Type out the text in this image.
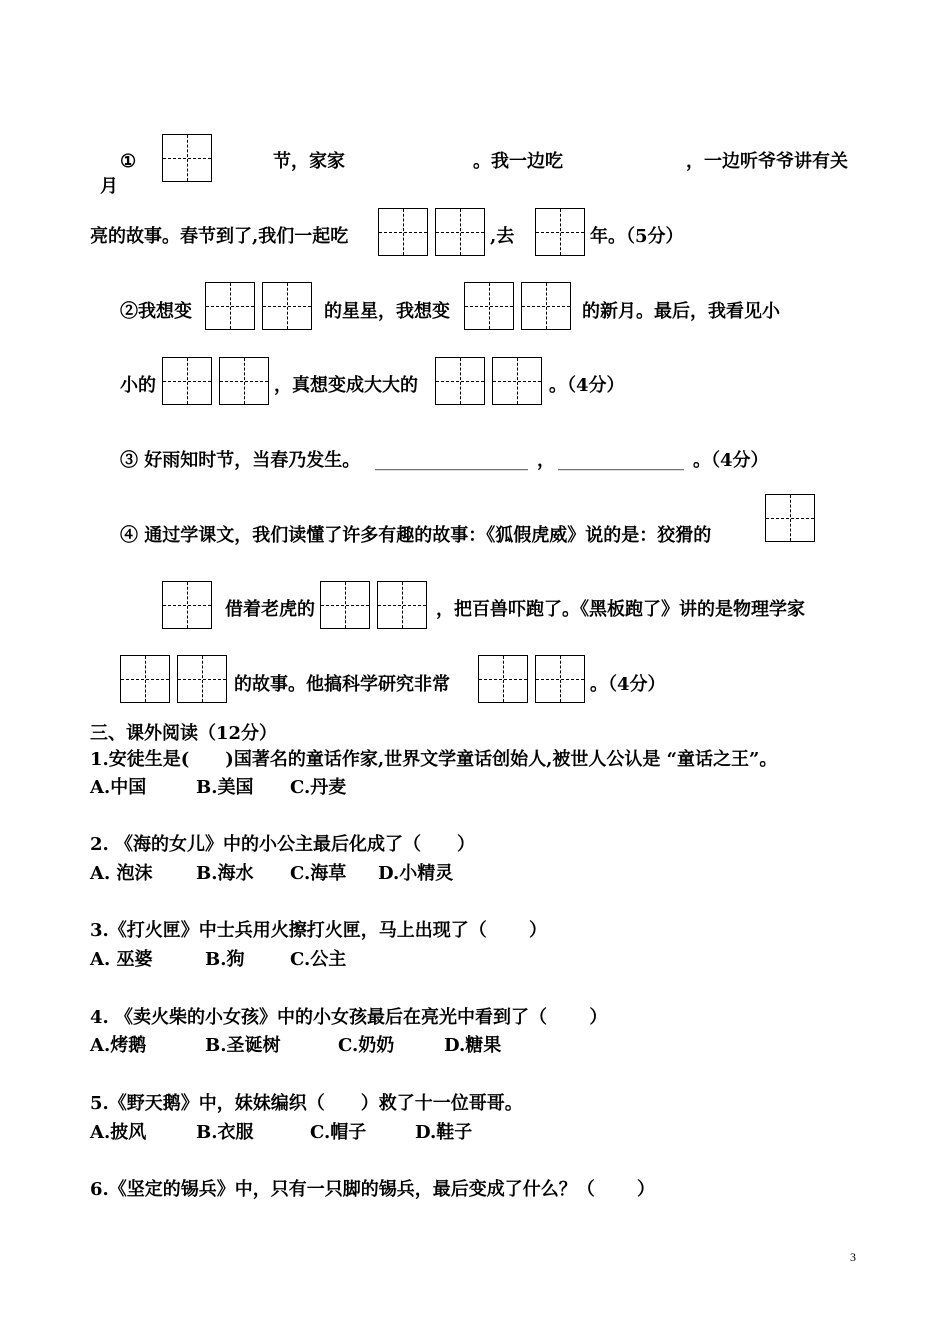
①	节，家家	。我一边吃	，一边听爷爷讲有关
月
亮的故事。春节到了,我们一起吃	,去	年。（5分）
②我想变	的星星，我想变	的新月。最后，我看见小
小的	，真想变成大大的	。（4分）
③ 好雨知时节，当春乃发生。 _________________ ， ______________ 。（4分）
④ 通过学课文，我们读懂了许多有趣的故事：《狐假虎威》说的是：狡猾的
借着老虎的	，把百兽吓跑了。《黑板跑了》讲的是物理学家
的故事。他搞科学研究非常	。（4分）
三、课外阅读（12分）
1.安徒生是(　　)国著名的童话作家,世界文学童话创始人,被世人公认是 “童话之王”。
A.中国	B.美国 C.丹麦
2. 《海的女儿》中的小公主最后化成了（　　）
A. 泡沫 B.海水 C.海草 D.小精灵
3.《打火匣》中士兵用火擦打火匣，马上出现了（　　 ）
A. 巫婆	B.狗	C.公主
4. 《卖火柴的小女孩》中的小女孩最后在亮光中看到了（　　 ）
A.烤鹅	B.圣诞树	C.奶奶	D.糖果
5.《野天鹅》中，妹妹编织（　　）救了十一位哥哥。
A.披风	B.衣服	C.帽子	D.鞋子
6.《坚定的锡兵》中，只有一只脚的锡兵，最后变成了什么？（　　 ）
3
